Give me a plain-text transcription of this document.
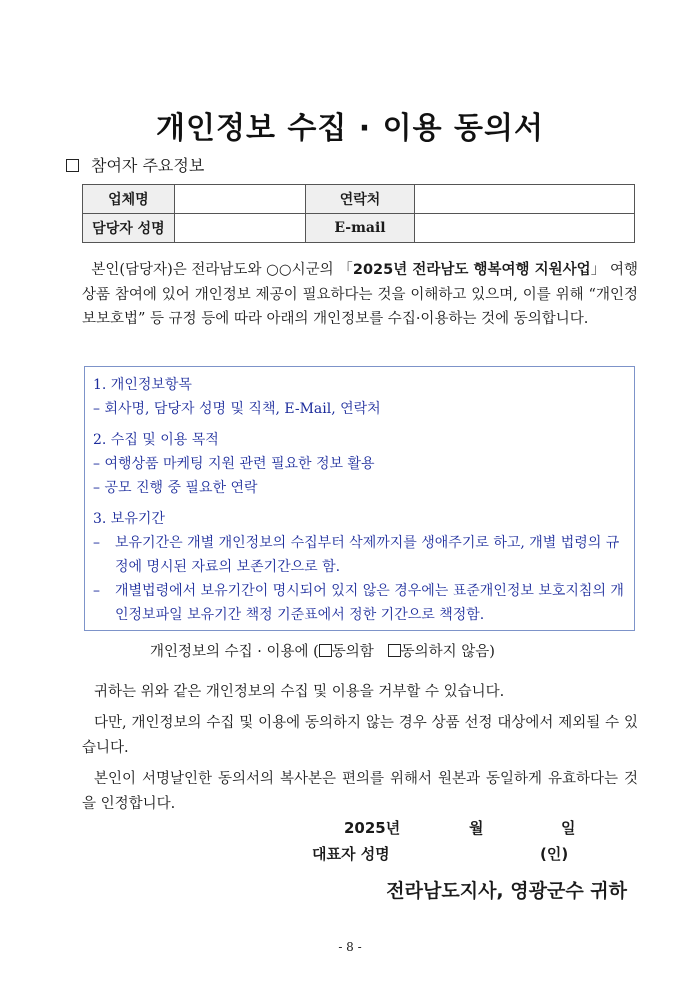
개인정보 수집 · 이용 동의서
참여자 주요정보
업체명		연락처	
담당자 성명		E-mail	
본인(담당자)은 전라남도와 ○○시군의 「2025년 전라남도 행복여행 지원사업」 여행상품 참여에 있어 개인정보 제공이 필요하다는 것을 이해하고 있으며, 이를 위해 “개인정보보호법” 등 규정 등에 따라 아래의 개인정보를 수집·이용하는 것에 동의합니다.
1. 개인정보항목
– 회사명, 담당자 성명 및 직책, E-Mail, 연락처
2. 수집 및 이용 목적
– 여행상품 마케팅 지원 관련 필요한 정보 활용
– 공모 진행 중 필요한 연락
3. 보유기간
–	보유기간은 개별 개인정보의 수집부터 삭제까지를 생애주기로 하고, 개별 법령의 규정에 명시된 자료의 보존기간으로 함.
–	개별법령에서 보유기간이 명시되어 있지 않은 경우에는 표준개인정보 보호지침의 개인정보파일 보유기간 책정 기준표에서 정한 기간으로 책정함.
개인정보의 수집 · 이용에 ( 동의함 동의하지 않음)

귀하는 위와 같은 개인정보의 수집 및 이용을 거부할 수 있습니다.

다만, 개인정보의 수집 및 이용에 동의하지 않는 경우 상품 선정 대상에서 제외될 수 있습니다.

본인이 서명날인한 동의서의 복사본은 편의를 위해서 원본과 동일하게 유효하다는 것을 인정합니다.

2025년	월	일
대표자 성명	(인)
전라남도지사, 영광군수 귀하
- 8 -
